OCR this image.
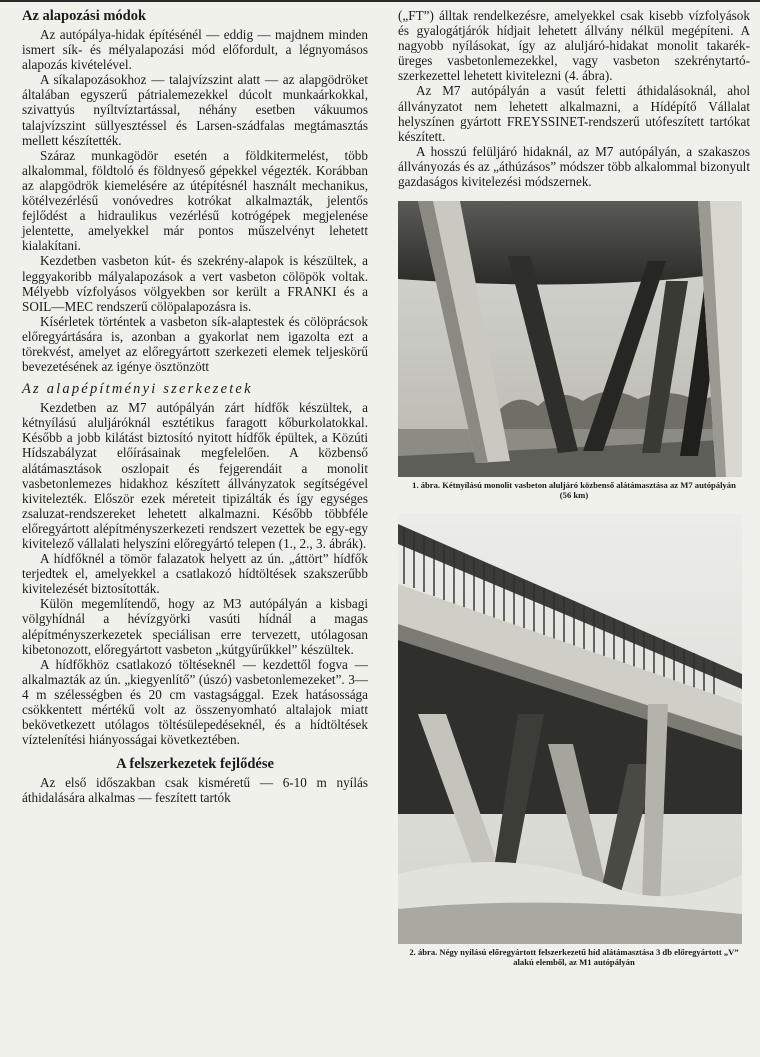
Az alapozási módok

Az autópálya-hidak építésénél — eddig — majdnem minden ismert sík- és mélyalapozási mód előfordult, a légnyomásos alapozás kivételével.

A síkalapozásokhoz — talajvízszint alatt — az alapgödröket általában egyszerű pátrialemezekkel dúcolt munkaárkokkal, szivattyús nyíltvíztartással, néhány esetben vákuumos talajvízszint süllyesztéssel és Larsen-szádfalas megtámasztás mellett készítették.

Száraz munkagödör esetén a földkitermelést, több alkalommal, földtoló és földnyeső gépekkel végezték. Korábban az alapgödrök kiemelésére az útépítésnél használt mechanikus, kötélvezérlésű vonóvedres kotrókat alkalmazták, jelentős fejlődést a hidraulikus vezérlésű kotrógépek megjelenése jelentette, amelyekkel már pontos műszelvényt lehetett kialakítani.

Kezdetben vasbeton kút- és szekrény-alapok is készültek, a leggyakoribb mályalapozások a vert vasbeton cölöpök voltak. Mélyebb vízfolyásos völgyekben sor került a FRANKI és a SOIL—MEC rendszerű cölöpalapozásra is.

Kísérletek történtek a vasbeton sík-alaptestek és cölöprácsok előregyártására is, azonban a gyakorlat nem igazolta ezt a törekvést, amelyet az előregyártott szerkezeti elemek teljeskörű bevezetésének az igénye ösztönzött

Az alapépítményi szerkezetek

Kezdetben az M7 autópályán zárt hídfők készültek, a kétnyílású aluljáróknál esztétikus faragott kőburkolatokkal. Később a jobb kilátást biztosító nyitott hídfők épültek, a Közúti Hídszabályzat előírásainak megfelelően. A közbenső alátámasztások oszlopait és fejgerendáit a monolit vasbetonlemezes hidakhoz készített állványzatok segítségével kivitelezték. Először ezek méreteit tipizálták és így egységes zsaluzat-rendszereket lehetett alkalmazni. Később többféle előregyártott alépítményszerkezeti rendszert vezettek be egy-egy kivitelező vállalati helyszíni előregyártó telepen (1., 2., 3. ábrák).

A hídfőknél a tömör falazatok helyett az ún. „áttört” hídfők terjedtek el, amelyekkel a csatlakozó hídtöltések szakszerűbb kivitelezését biztosították.

Külön megemlítendő, hogy az M3 autópályán a kisbagi völgyhídnál a hévízgyörki vasúti hídnál a magas alépítményszerkezetek speciálisan erre tervezett, utólagosan kibetonozott, előregyártott vasbeton „kútgyűrűkkel” készültek.

A hídfőkhöz csatlakozó töltéseknél — kezdettől fogva — alkalmazták az ún. „kiegyenlítő” (úszó) vasbetonlemezeket”. 3—4 m szélességben és 20 cm vastagsággal. Ezek hatásossága csökkentett mértékű volt az összenyomható altalajok miatt bekövetkezett utólagos töltésülepedéseknél, és a hídtöltések víztelenítési hiányosságai következtében.

A felszerkezetek fejlődése

Az első időszakban csak kisméretű — 6-10 m nyílás áthidalására alkalmas — feszített tartók

(„FT”) álltak rendelkezésre, amelyekkel csak kisebb vízfolyások és gyalogátjárók hídjait lehetett állvány nélkül megépíteni. A nagyobb nyílásokat, így az aluljáró-hidakat monolit takarék-üreges vasbetonlemezekkel, vagy vasbeton szekrénytartó-szerkezettel lehetett kivitelezni (4. ábra).

Az M7 autópályán a vasút feletti áthidalásoknál, ahol állványzatot nem lehetett alkalmazni, a Hídépítő Vállalat helyszínen gyártott FREYSSINET-rendszerű utófeszített tartókat készített.

A hosszú felüljáró hidaknál, az M7 autópályán, a szakaszos állványozás és az „áthúzásos” módszer több alkalommal bizonyult gazdaságos kivitelezési módszernek.

1. ábra. Kétnyílású monolit vasbeton aluljáró közbenső alátámasztása az M7 autópályán (56 km)
2. ábra. Négy nyílású előregyártott felszerkezetű híd alátámasztása 3 db előregyártott „V” alakú elemből, az M1 autópályán
